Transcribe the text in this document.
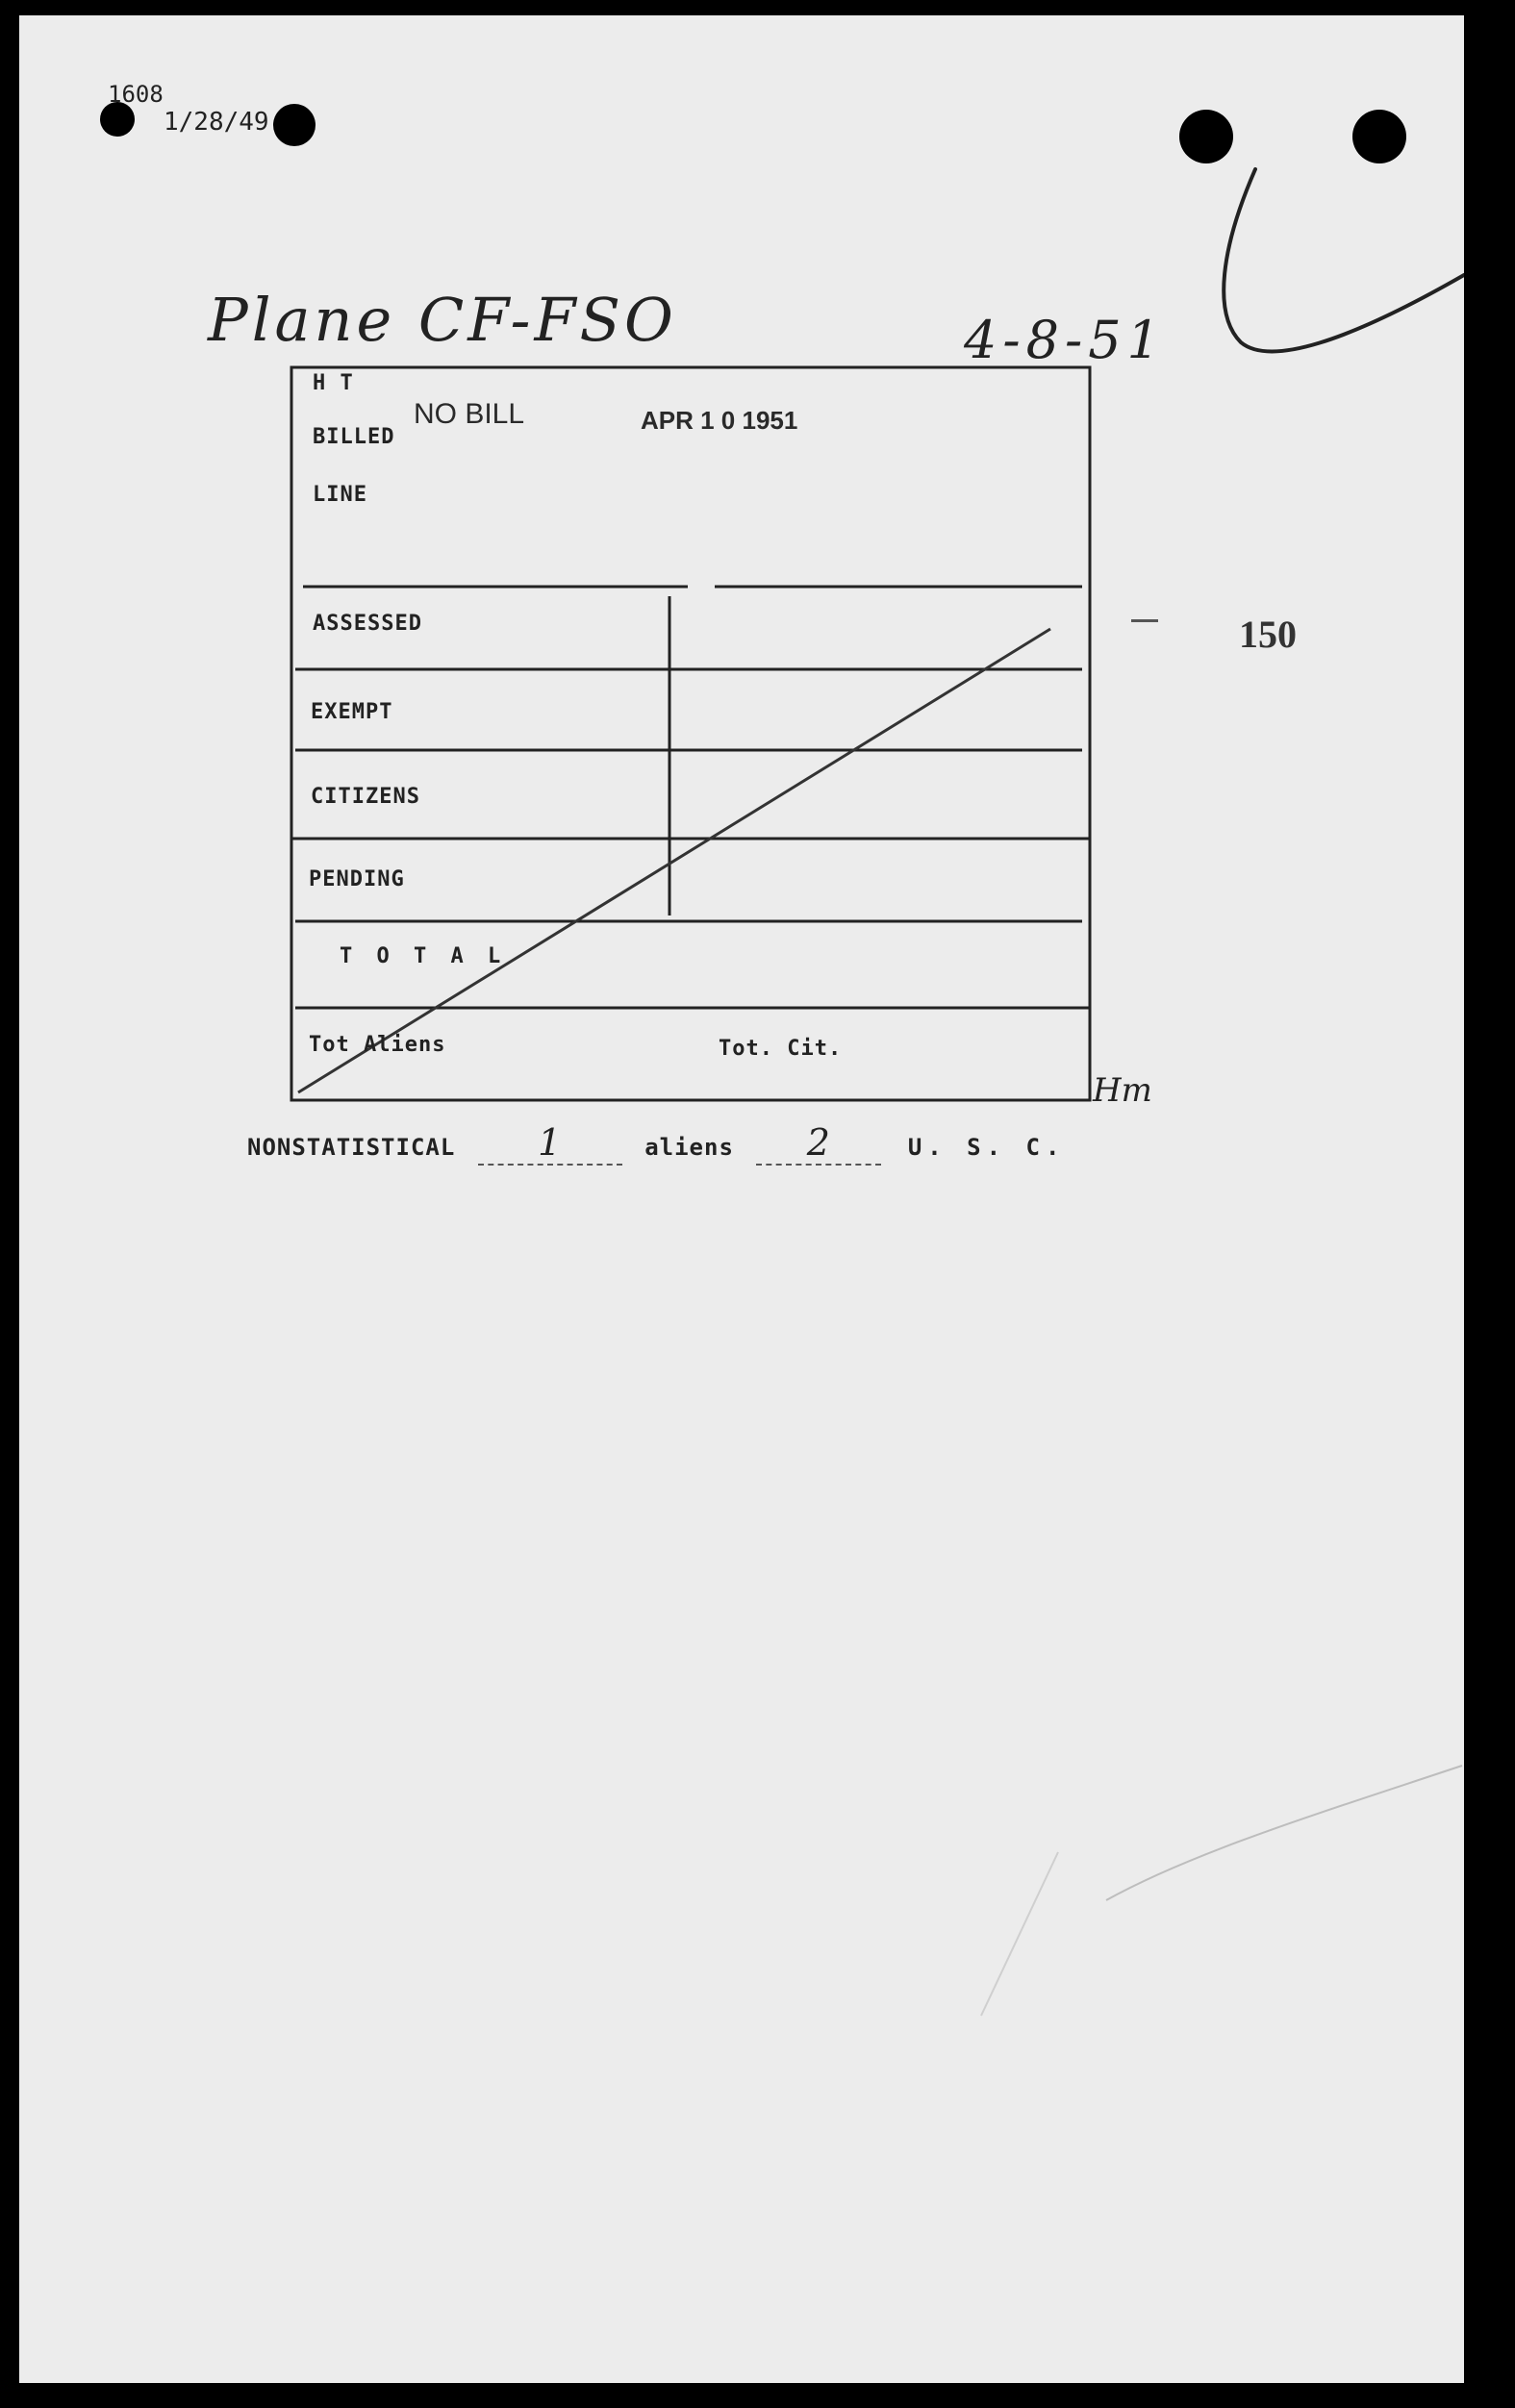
1608
1/28/49
Plane CF-FSO	4-8-51
150
H T
BILLED
LINE
NO BILL	APR 1 0 1951
ASSESSED
EXEMPT
CITIZENS
PENDING
T O T A L
Tot Aliens	Tot. Cit.
Hm
NONSTATISTICAL 1	aliens 2	U. S. C.
